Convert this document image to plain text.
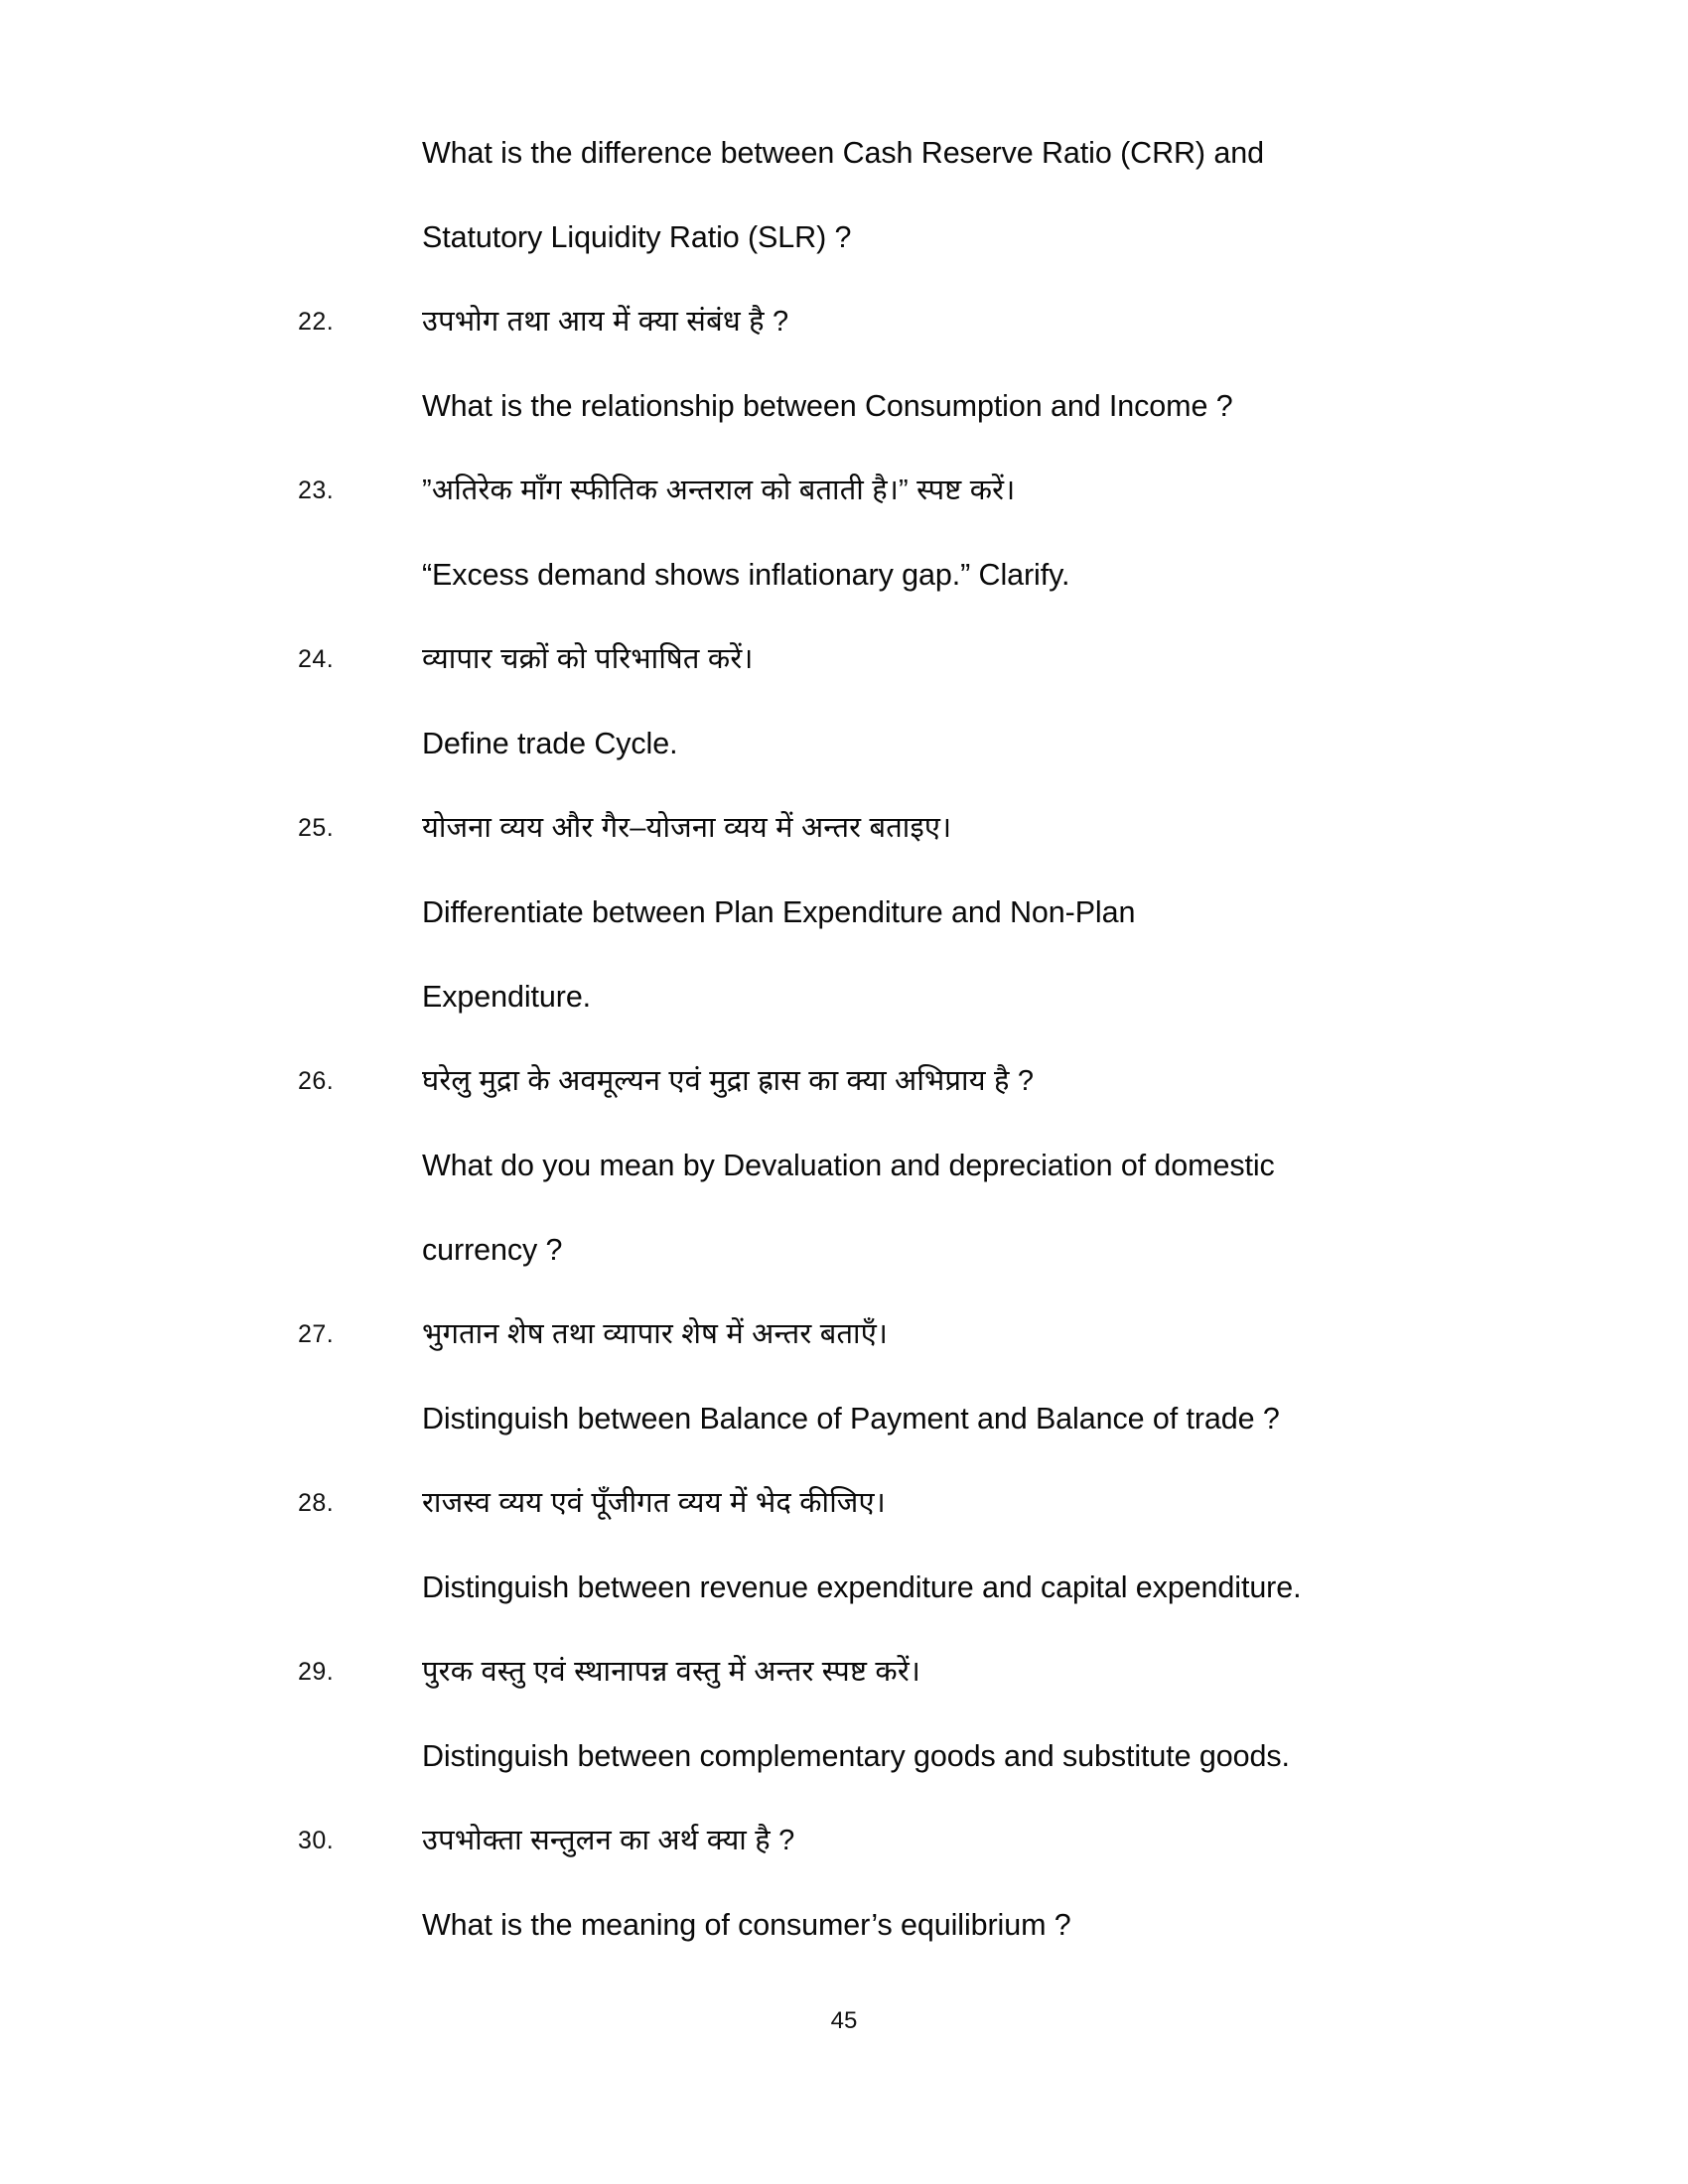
What is the difference between Cash Reserve Ratio (CRR) and
Statutory Liquidity Ratio (SLR) ?
22.	उपभोग तथा आय में क्या संबंध है ?
What is the relationship between Consumption and Income ?
23.	”अतिरेक माँग स्फीतिक अन्तराल को बताती है।” स्पष्ट करें।
“Excess demand shows inflationary gap.” Clarify.
24.	व्यापार चक्रों को परिभाषित करें।
Define trade Cycle.
25.	योजना व्यय और गैर–योजना व्यय में अन्तर बताइए।
Differentiate between Plan Expenditure and Non-Plan
Expenditure.
26.	घरेलु मुद्रा के अवमूल्यन एवं मुद्रा ह्रास का क्या अभिप्राय है ?
What do you mean by Devaluation and depreciation of domestic
currency ?
27.	भुगतान शेष तथा व्यापार शेष में अन्तर बताएँ।
Distinguish between Balance of Payment and Balance of trade ?
28.	राजस्व व्यय एवं पूँजीगत व्यय में भेद कीजिए।
Distinguish between revenue expenditure and capital expenditure.
29.	पुरक वस्तु एवं स्थानापन्न वस्तु में अन्तर स्पष्ट करें।
Distinguish between complementary goods and substitute goods.
30.	उपभोक्ता सन्तुलन का अर्थ क्या है ?
What is the meaning of consumer’s equilibrium ?
45
